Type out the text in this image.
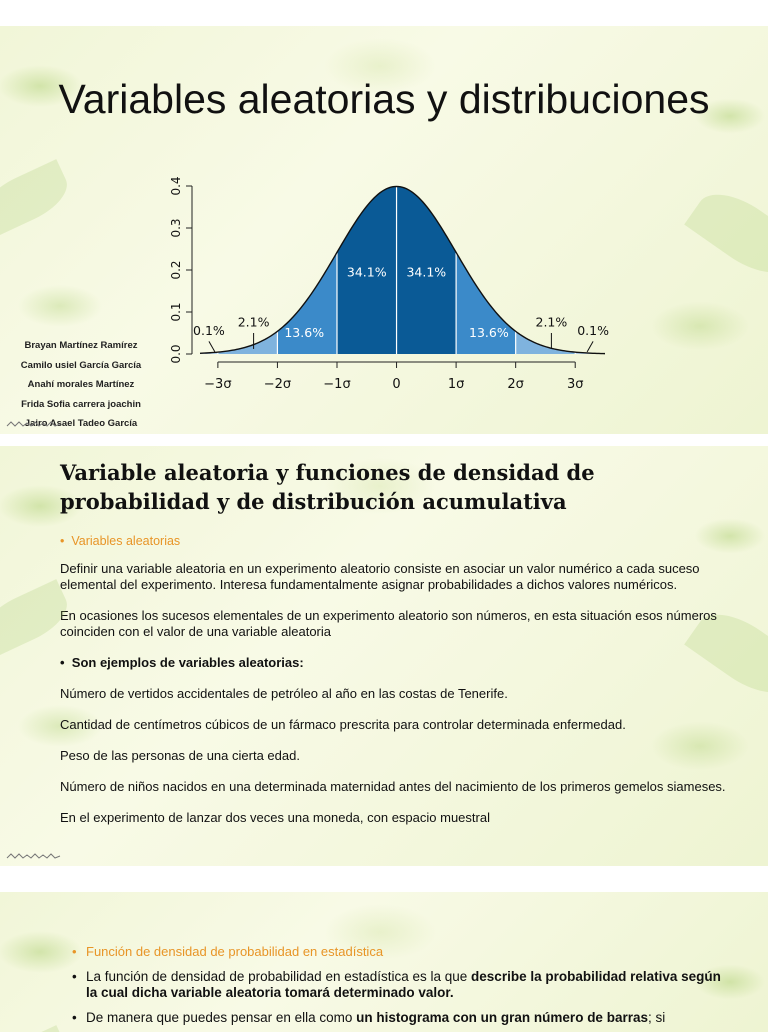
Variables aleatorias y distribuciones
0.0
0.1
0.2
0.3
0.4
−3σ −2σ −1σ	0	1σ	2σ	3σ
34.1%
34.1%
13.6%
13.6%
2.1%
2.1%
0.1%
0.1%
Brayan Martínez Ramírez
Camilo usiel García García
Anahí morales Martínez
Frida Sofia carrera joachin
Jairo Asael Tadeo García
Variable aleatoria y funciones de densidad de probabilidad y de distribución acumulativa
•  Variables aleatorias

Definir una variable aleatoria en un experimento aleatorio consiste en asociar un valor numérico a cada suceso elemental del experimento. Interesa fundamentalmente asignar probabilidades a dichos valores numéricos.

En ocasiones los sucesos elementales de un experimento aleatorio son números, en esta situación esos números coinciden con el valor de una variable aleatoria

•  Son ejemplos de variables aleatorias:

Número de vertidos accidentales de petróleo al año en las costas de Tenerife.

Cantidad de centímetros cúbicos de un fármaco prescrita para controlar determinada enfermedad.

Peso de las personas de una cierta edad.

Número de niños nacidos en una determinada maternidad antes del nacimiento de los primeros gemelos siameses.

En el experimento de lanzar dos veces una moneda, con espacio muestral

• Función de densidad de probabilidad en estadística
• La función de densidad de probabilidad en estadística es la que describe la probabilidad relativa según la cual dicha variable aleatoria tomará determinado valor.
• De manera que puedes pensar en ella como un histograma con un gran número de barras; si
